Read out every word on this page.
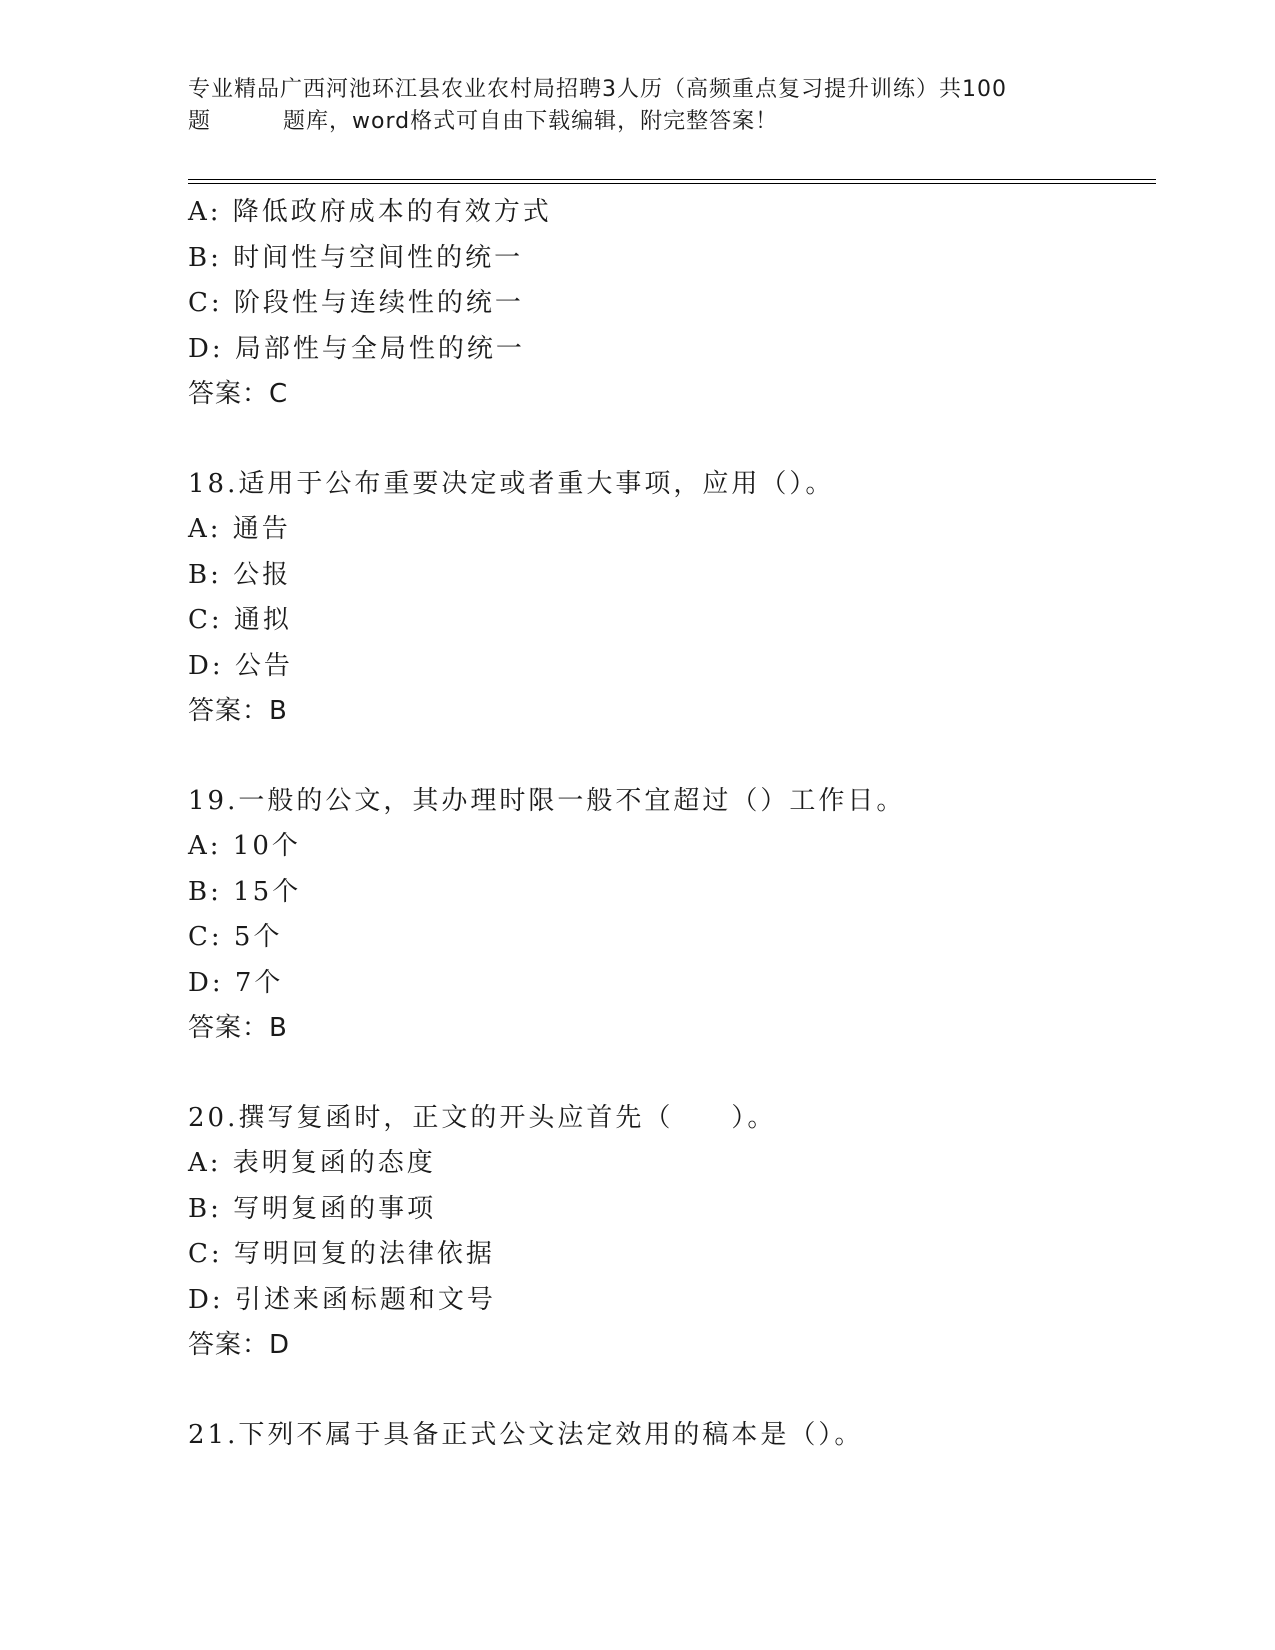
专业精品广西河池环江县农业农村局招聘3人历（高频重点复习提升训练）共100
题	题库，word格式可自由下载编辑，附完整答案！
A: 降低政府成本的有效方式
B: 时间性与空间性的统一
C: 阶段性与连续性的统一
D: 局部性与全局性的统一
答案：C
18.适用于公布重要决定或者重大事项，应用（）。
A: 通告
B: 公报
C: 通拟
D: 公告
答案：B
19.一般的公文，其办理时限一般不宜超过（）工作日。
A: 10个
B: 15个
C: 5个
D: 7个
答案：B
20.撰写复函时，正文的开头应首先（　　）。
A: 表明复函的态度
B: 写明复函的事项
C: 写明回复的法律依据
D: 引述来函标题和文号
答案：D
21.下列不属于具备正式公文法定效用的稿本是（）。
